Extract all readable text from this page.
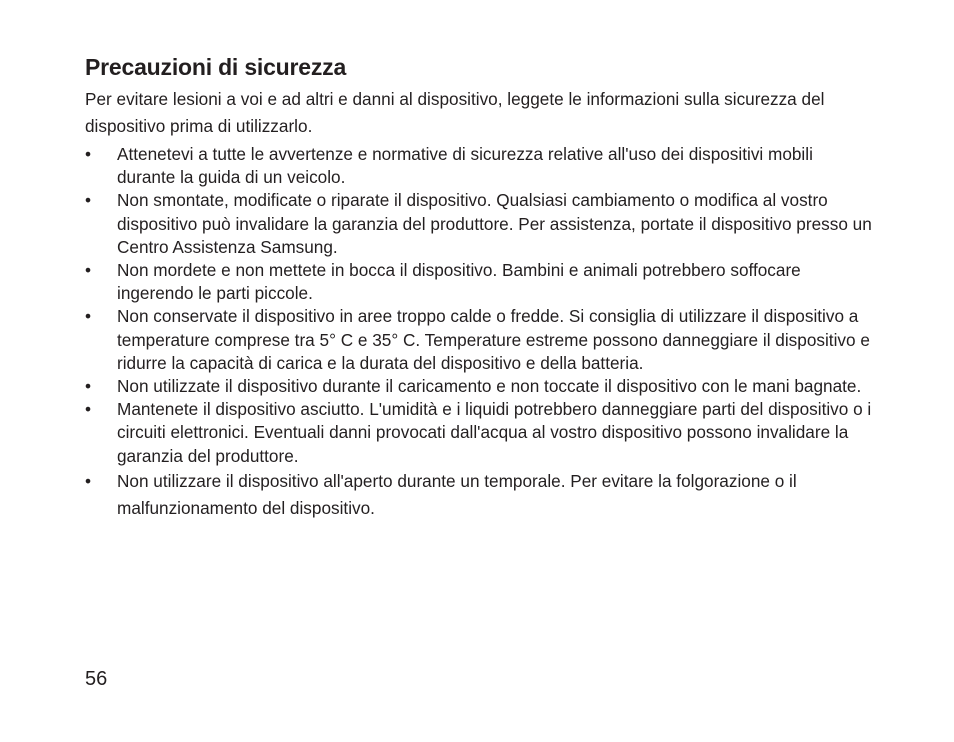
Precauzioni di sicurezza

Per evitare lesioni a voi e ad altri e danni al dispositivo, leggete le informazioni sulla sicurezza del dispositivo prima di utilizzarlo.

• Attenetevi a tutte le avvertenze e normative di sicurezza relative all'uso dei dispositivi mobili durante la guida di un veicolo.
• Non smontate, modificate o riparate il dispositivo. Qualsiasi cambiamento o modifica al vostro dispositivo può invalidare la garanzia del produttore. Per assistenza, portate il dispositivo presso un Centro Assistenza Samsung.
• Non mordete e non mettete in bocca il dispositivo. Bambini e animali potrebbero soffocare ingerendo le parti piccole.
• Non conservate il dispositivo in aree troppo calde o fredde. Si consiglia di utilizzare il dispositivo a temperature comprese tra 5° C e 35° C. Temperature estreme possono danneggiare il dispositivo e ridurre la capacità di carica e la durata del dispositivo e della batteria.
• Non utilizzate il dispositivo durante il caricamento e non toccate il dispositivo con le mani bagnate.
• Mantenete il dispositivo asciutto. L'umidità e i liquidi potrebbero danneggiare parti del dispositivo o i circuiti elettronici. Eventuali danni provocati dall'acqua al vostro dispositivo possono invalidare la garanzia del produttore.
• Non utilizzare il dispositivo all'aperto durante un temporale. Per evitare la folgorazione o il malfunzionamento del dispositivo.
56
